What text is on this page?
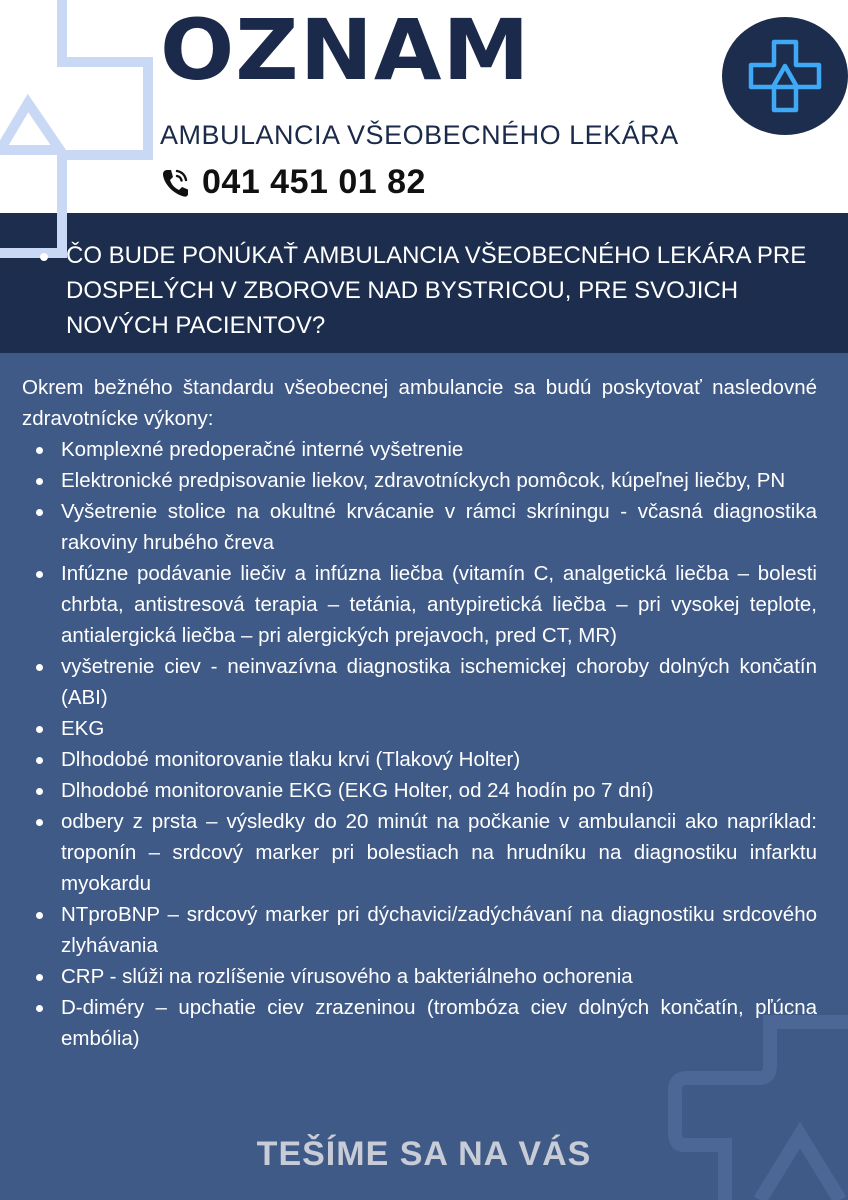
OZNAM
AMBULANCIA VŠEOBECNÉHO LEKÁRA
041 451 01 82
ČO BUDE PONÚKAŤ AMBULANCIA VŠEOBECNÉHO LEKÁRA PRE DOSPELÝCH V ZBOROVE NAD BYSTRICOU, PRE SVOJICH NOVÝCH PACIENTOV?

Okrem bežného štandardu všeobecnej ambulancie sa budú poskytovať nasledovné zdravotnícke výkony:

Komplexné predoperačné interné vyšetrenie
Elektronické predpisovanie liekov, zdravotníckych pomôcok, kúpeľnej liečby, PN
Vyšetrenie stolice na okultné krvácanie v rámci skríningu - včasná diagnostika rakoviny hrubého čreva
Infúzne podávanie liečiv a infúzna liečba (vitamín C, analgetická liečba – bolesti chrbta, antistresová terapia – tetánia, antypiretická liečba – pri vysokej teplote, antialergická liečba – pri alergických prejavoch, pred CT, MR)
vyšetrenie ciev - neinvazívna diagnostika ischemickej choroby dolných končatín (ABI)
EKG
Dlhodobé monitorovanie tlaku krvi (Tlakový Holter)
Dlhodobé monitorovanie EKG (EKG Holter, od 24 hodín po 7 dní)
odbery z prsta – výsledky do 20 minút na počkanie v ambulancii ako napríklad: troponín – srdcový marker pri bolestiach na hrudníku na diagnostiku infarktu myokardu
NTproBNP – srdcový marker pri dýchavici/zadýchávaní na diagnostiku srdcového zlyhávania
CRP - slúži na rozlíšenie vírusového a bakteriálneho ochorenia
D-diméry – upchatie ciev zrazeninou (trombóza ciev dolných končatín, pľúcna embólia)
TEŠÍME SA NA VÁS
